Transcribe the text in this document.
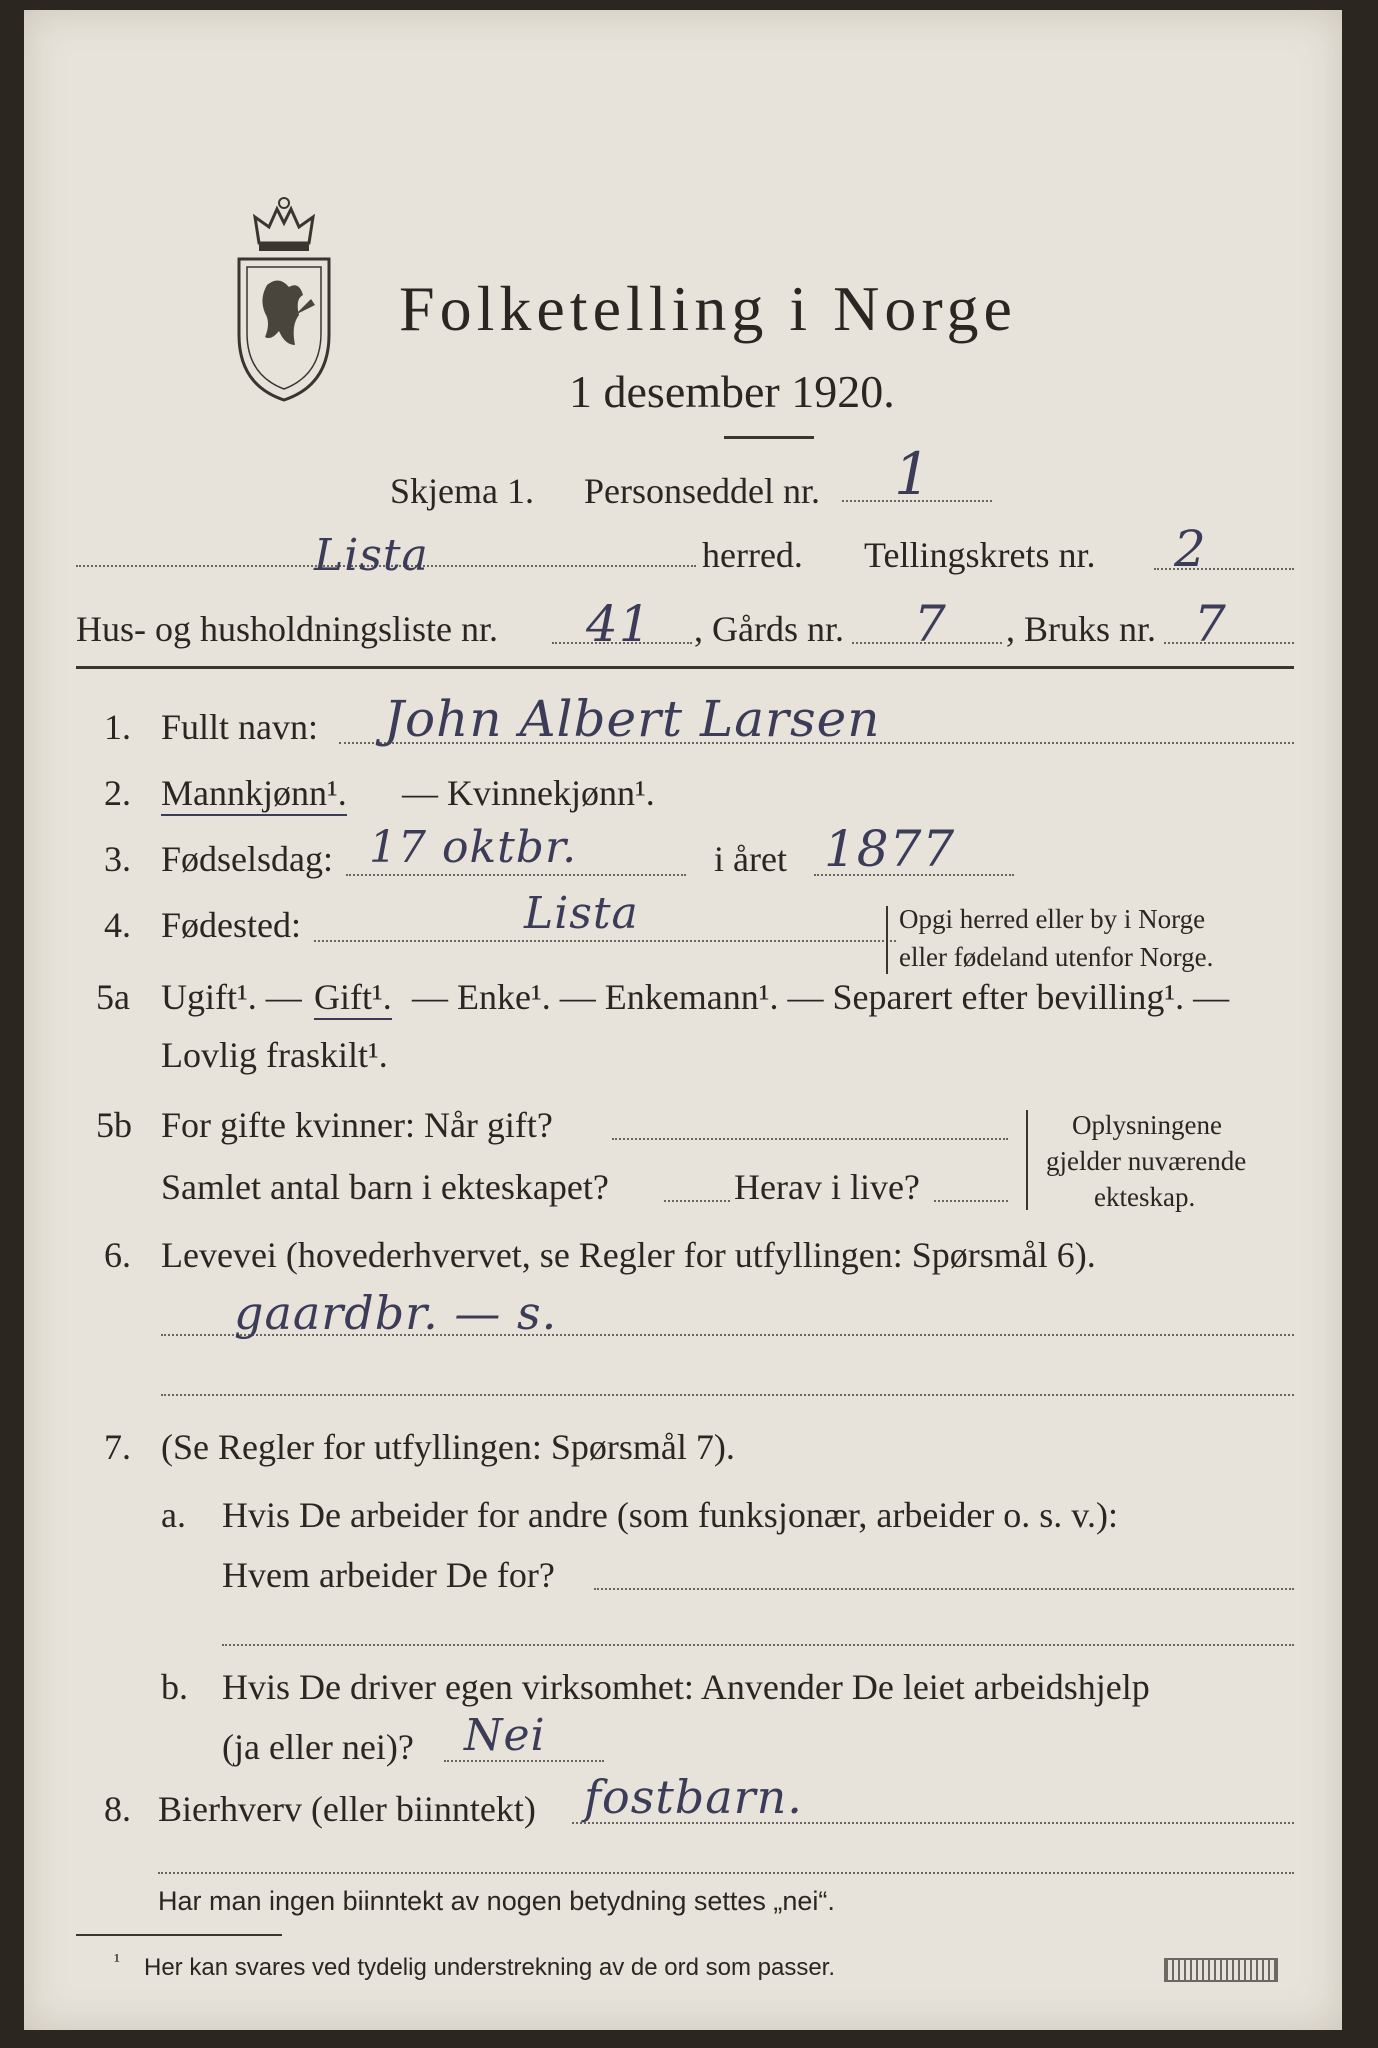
Folketelling i Norge
1 desember 1920.
Skjema 1. Personseddel nr. 1
Lista	herred. Tellingskrets nr. 2
Hus- og husholdningsliste nr. 41 , Gårds nr. 7 , Bruks nr. 7
1. Fullt navn: John Albert Larsen
2. Mannkjønn¹. — Kvinnekjønn¹.
3. Fødselsdag: 17 oktbr.	i året 1877
4. Fødested:	Lista	Opgi herred eller by i Norge
eller fødeland utenfor Norge.
5a Ugift¹. — Gift¹. — Enke¹. — Enkemann¹. — Separert efter bevilling¹. —
Lovlig fraskilt¹.
5b For gifte kvinner: Når gift?
Samlet antal barn i ekteskapet?	Herav i live?
Oplysningene
gjelder nuværende
ekteskap.
6. Levevei (hovederhvervet, se Regler for utfyllingen: Spørsmål 6).
gaardbr. — s.
7. (Se Regler for utfyllingen: Spørsmål 7).
a. Hvis De arbeider for andre (som funksjonær, arbeider o. s. v.):
Hvem arbeider De for?
b. Hvis De driver egen virksomhet: Anvender De leiet arbeidshjelp
(ja eller nei)? Nei
8. Bierhverv (eller biinntekt) fostbarn.
Har man ingen biinntekt av nogen betydning settes „nei“.
¹ Her kan svares ved tydelig understrekning av de ord som passer.
